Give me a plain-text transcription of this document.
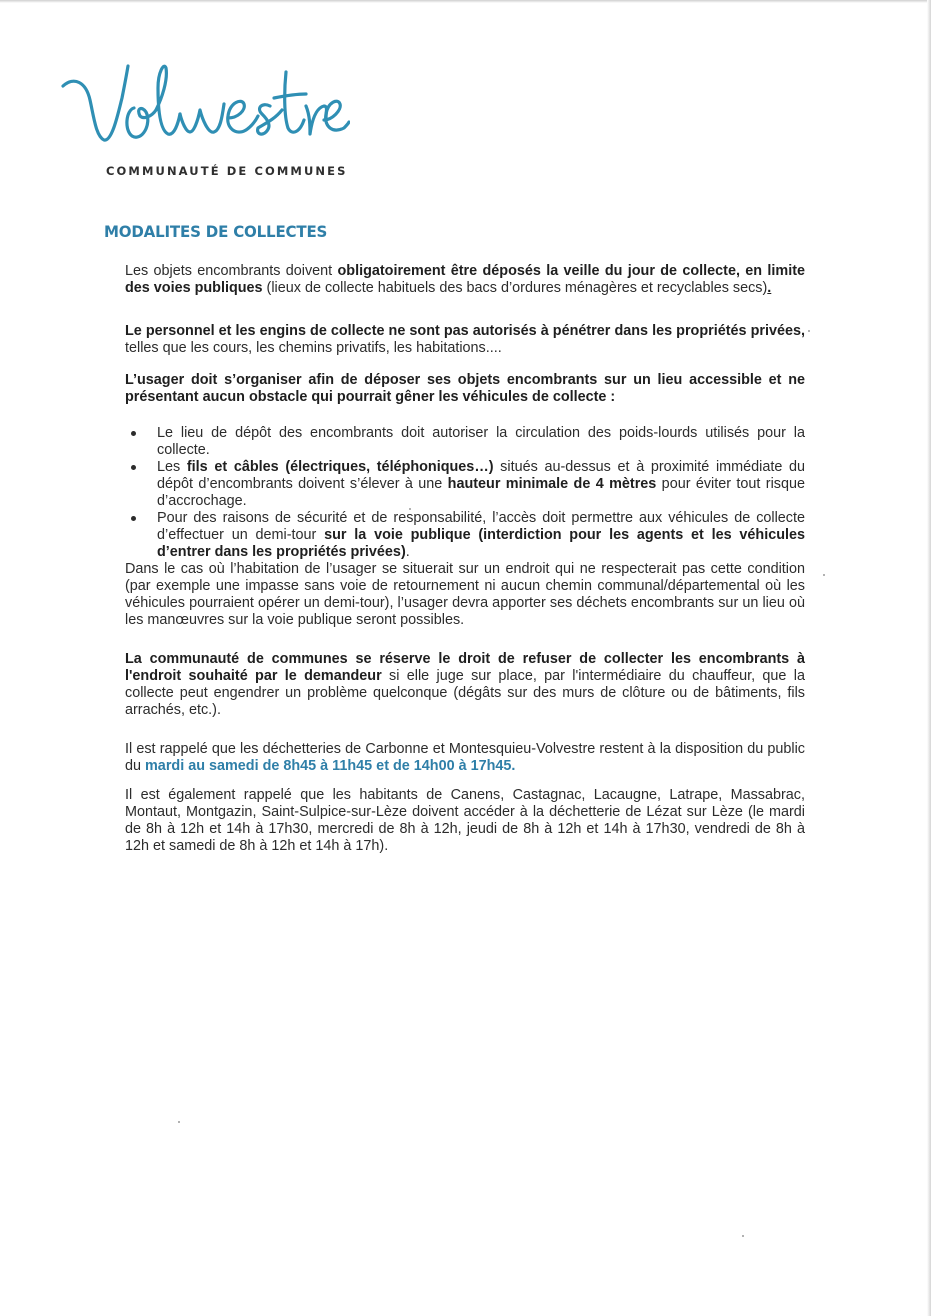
COMMUNAUTÉ DE COMMUNES
MODALITES DE COLLECTES

Les objets encombrants doivent obligatoirement être déposés la veille du jour de collecte, en limite des voies publiques (lieux de collecte habituels des bacs d’ordures ménagères et recyclables secs).

Le personnel et les engins de collecte ne sont pas autorisés à pénétrer dans les propriétés privées, telles que les cours, les chemins privatifs, les habitations....

L’usager doit s’organiser afin de déposer ses objets encombrants sur un lieu accessible et ne présentant aucun obstacle qui pourrait gêner les véhicules de collecte :

Le lieu de dépôt des encombrants doit autoriser la circulation des poids-lourds utilisés pour la collecte.
Les fils et câbles (électriques, téléphoniques…) situés au-dessus et à proximité immédiate du dépôt d’encombrants doivent s’élever à une hauteur minimale de 4 mètres pour éviter tout risque d’accrochage.
Pour des raisons de sécurité et de responsabilité, l’accès doit permettre aux véhicules de collecte d’effectuer un demi-tour sur la voie publique (interdiction pour les agents et les véhicules d’entrer dans les propriétés privées).

Dans le cas où l’habitation de l’usager se situerait sur un endroit qui ne respecterait pas cette condition (par exemple une impasse sans voie de retournement ni aucun chemin communal/départemental où les véhicules pourraient opérer un demi-tour), l’usager devra apporter ses déchets encombrants sur un lieu où les manœuvres sur la voie publique seront possibles.

La communauté de communes se réserve le droit de refuser de collecter les encombrants à l'endroit souhaité par le demandeur si elle juge sur place, par l'intermédiaire du chauffeur, que la collecte peut engendrer un problème quelconque (dégâts sur des murs de clôture ou de bâtiments, fils arrachés, etc.).

Il est rappelé que les déchetteries de Carbonne et Montesquieu-Volvestre restent à la disposition du public du mardi au samedi de 8h45 à 11h45 et de 14h00 à 17h45.

Il est également rappelé que les habitants de Canens, Castagnac, Lacaugne, Latrape, Massabrac, Montaut, Montgazin, Saint-Sulpice-sur-Lèze doivent accéder à la déchetterie de Lézat sur Lèze (le mardi de 8h à 12h et 14h à 17h30, mercredi de 8h à 12h, jeudi de 8h à 12h et 14h à 17h30, vendredi de 8h à 12h et samedi de 8h à 12h et 14h à 17h).
